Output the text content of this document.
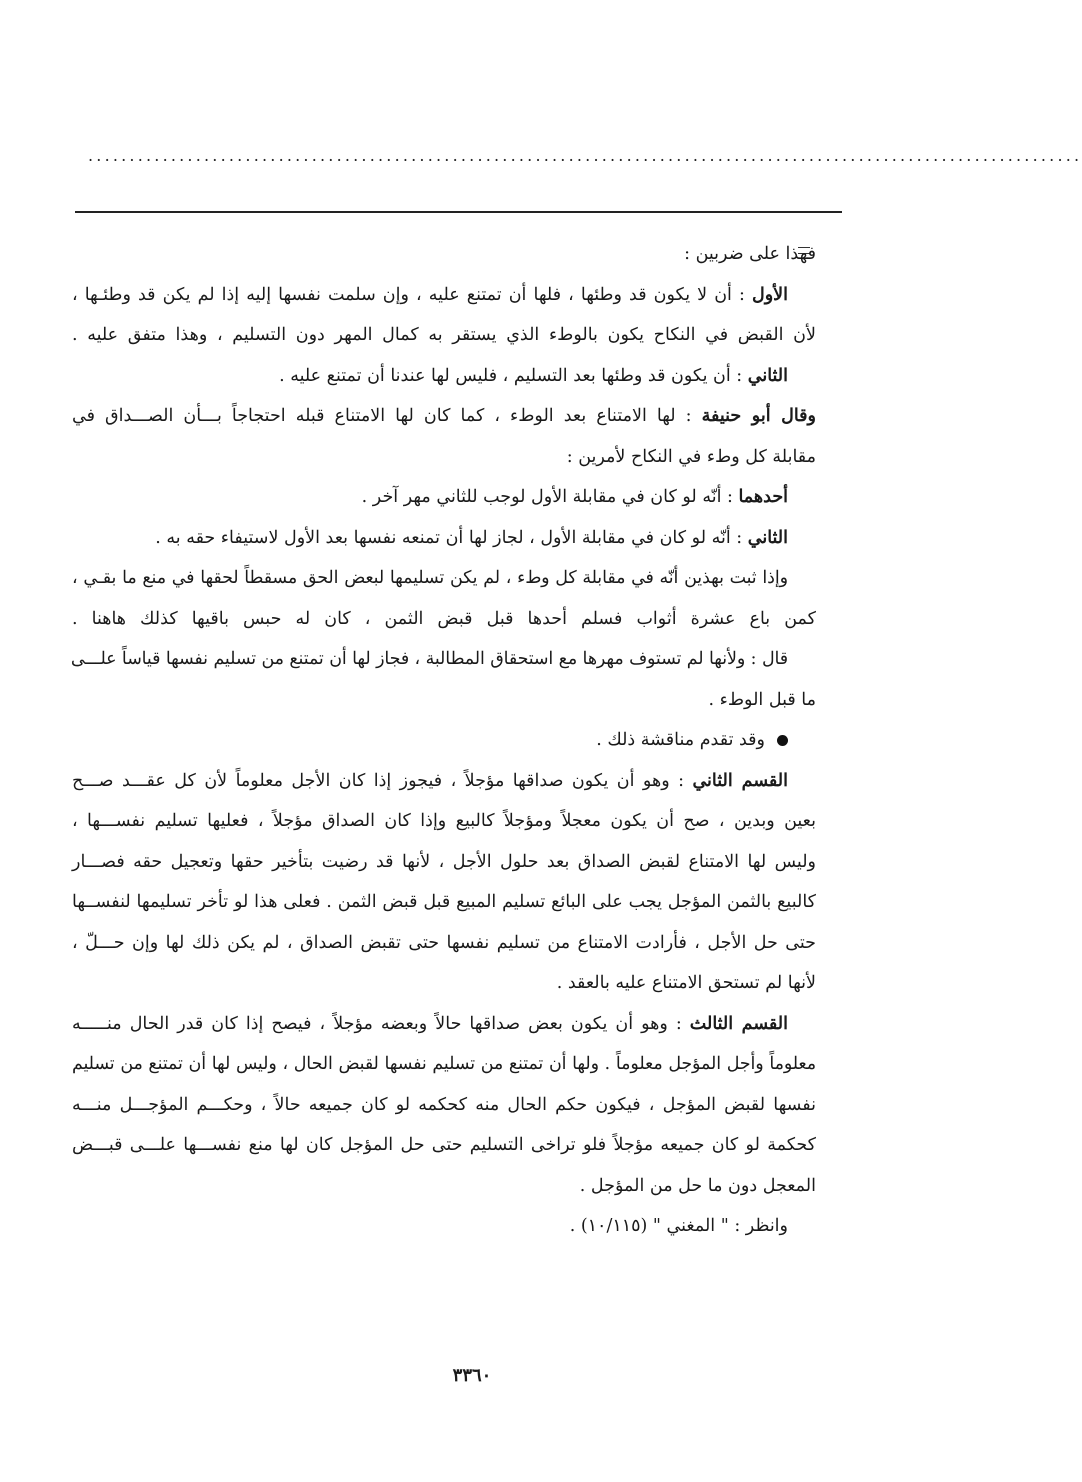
........................................................................................................................
فهذا على ضربين :
الأول : أن لا يكون قد وطئها ، فلها أن تمتنع عليه ، وإن سلمت نفسها إليه إذا لم يكن قد وطئـها ،
لأن القبض في النكاح يكون بالوطء الذي يستقر به كمال المهر دون التسليم ، وهذا متفق عليه .
الثاني : أن يكون قد وطئها بعد التسليم ، فليس لها عندنا أن تمتنع عليه .
وقال أبو حنيفة : لها الامتناع بعد الوطء ، كما كان لها الامتناع قبله احتجاجاً بـــأن الصـــداق في
مقابلة كل وطء في النكاح لأمرين :
أحدهما : أنّه لو كان في مقابلة الأول لوجب للثاني مهر آخر .
الثاني : أنّه لو كان في مقابلة الأول ، لجاز لها أن تمنعه نفسها بعد الأول لاستيفاء حقه به .
وإذا ثبت بهذين أنّه في مقابلة كل وطء ، لم يكن تسليمها لبعض الحق مسقطاً لحقها في منع ما بقـي ،
كمن باع عشرة أثواب فسلم أحدها قبل قبض الثمن ، كان له حبس باقيها كذلك هاهنا .
قال : ولأنها لم تستوف مهرها مع استحقاق المطالبة ، فجاز لها أن تمتنع من تسليم نفسها قياساً علـــى
ما قبل الوطء .
وقد تقدم مناقشة ذلك .
القسم الثاني : وهو أن يكون صداقها مؤجلاً ، فيجوز إذا كان الأجل معلوماً لأن كل عقـــد صـــح
بعين وبدين ، صح أن يكون معجلاً ومؤجلاً كالبيع وإذا كان الصداق مؤجلاً ، فعليها تسليم نفســـها ،
وليس لها الامتناع لقبض الصداق بعد حلول الأجل ، لأنها قد رضيت بتأخير حقها وتعجيل حقه فصـــار
كالبيع بالثمن المؤجل يجب على البائع تسليم المبيع قبل قبض الثمن . فعلى هذا لو تأخر تسليمها لنفســها
حتى حل الأجل ، فأرادت الامتناع من تسليم نفسها حتى تقبض الصداق ، لم يكن ذلك لها وإن حـــلّ ،
لأنها لم تستحق الامتناع عليه بالعقد .
القسم الثالث : وهو أن يكون بعض صداقها حالاً وبعضه مؤجلاً ، فيصح إذا كان قدر الحال منـــــه
معلوماً وأجل المؤجل معلوماً . ولها أن تمتنع من تسليم نفسها لقبض الحال ، وليس لها أن تمتنع من تسليم
نفسها لقبض المؤجل ، فيكون حكم الحال منه كحكمه لو كان جميعه حالاً ، وحكـــم المؤجـــل منـــه
كحكمة لو كان جميعه مؤجلاً فلو تراخى التسليم حتى حل المؤجل كان لها منع نفســـها علـــى قبـــض
المعجل دون ما حل من المؤجل .
وانظر : " المغني " (١٠/١١٥) .
٣٣٦٠
